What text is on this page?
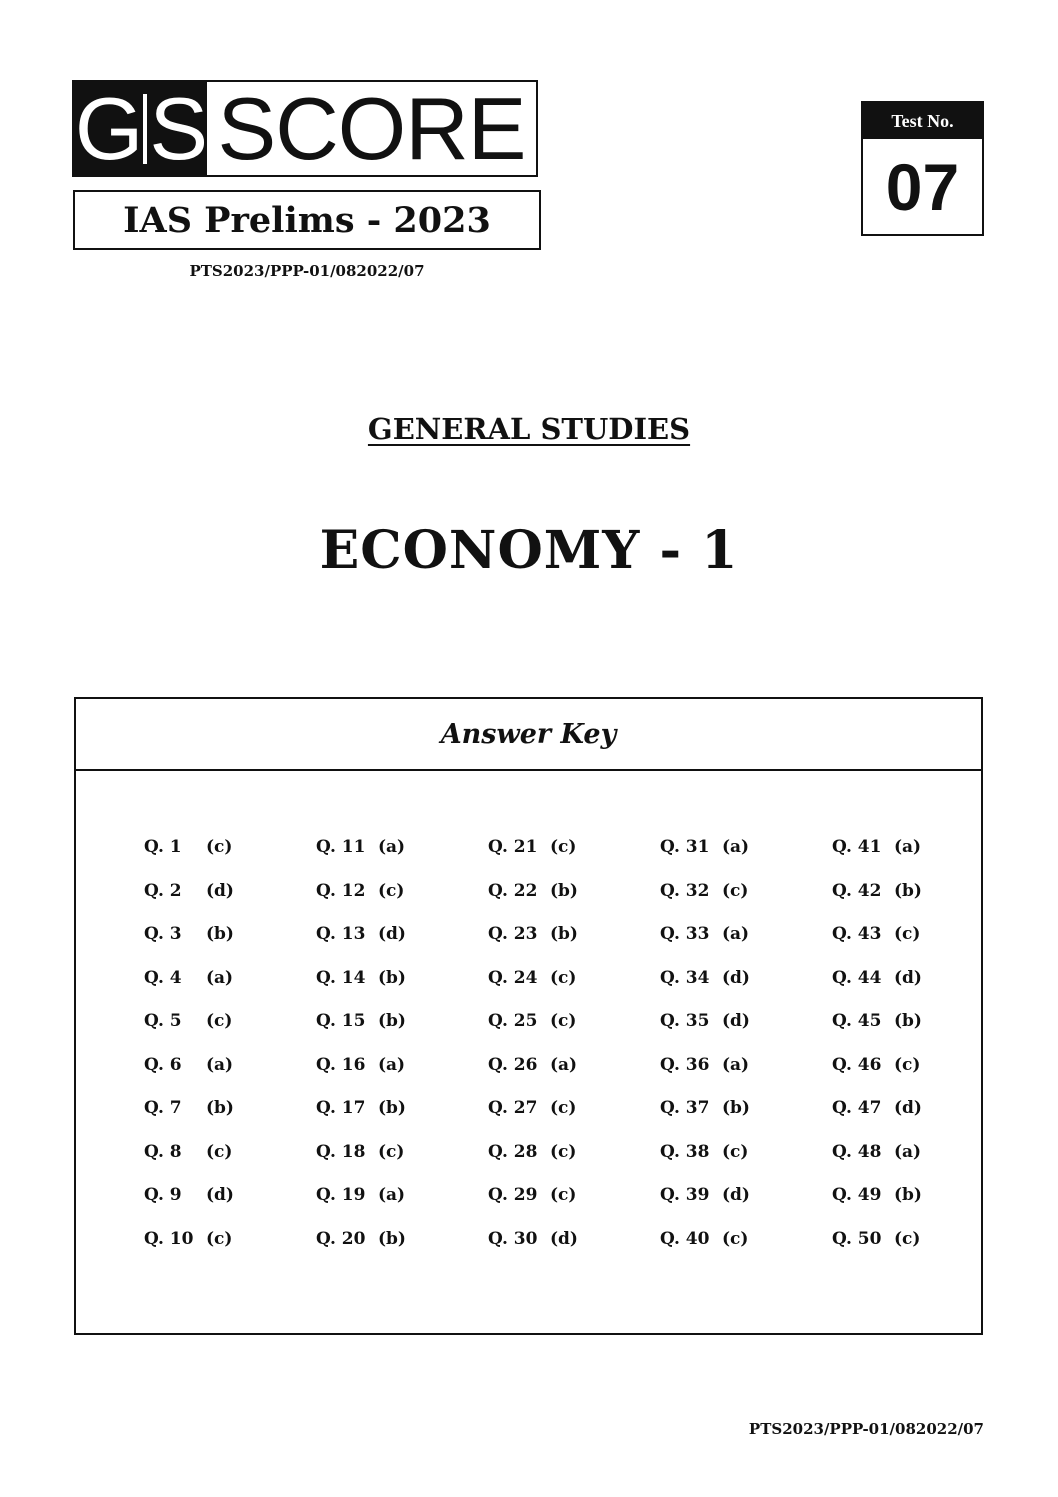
G S SCORE
IAS Prelims - 2023
PTS2023/PPP-01/082022/07
Test No.
07
GENERAL STUDIES
ECONOMY - 1
Answer Key
Q. 1	(c)
Q. 2	(d)
Q. 3	(b)
Q. 4	(a)
Q. 5	(c)
Q. 6	(a)
Q. 7	(b)
Q. 8	(c)
Q. 9	(d)
Q. 10 (c)
Q. 11 (a)
Q. 12 (c)
Q. 13 (d)
Q. 14 (b)
Q. 15 (b)
Q. 16 (a)
Q. 17 (b)
Q. 18 (c)
Q. 19 (a)
Q. 20 (b)
Q. 21 (c)
Q. 22 (b)
Q. 23 (b)
Q. 24 (c)
Q. 25 (c)
Q. 26 (a)
Q. 27 (c)
Q. 28 (c)
Q. 29 (c)
Q. 30 (d)
Q. 31 (a)
Q. 32 (c)
Q. 33 (a)
Q. 34 (d)
Q. 35 (d)
Q. 36 (a)
Q. 37 (b)
Q. 38 (c)
Q. 39 (d)
Q. 40 (c)
Q. 41 (a)
Q. 42 (b)
Q. 43 (c)
Q. 44 (d)
Q. 45 (b)
Q. 46 (c)
Q. 47 (d)
Q. 48 (a)
Q. 49 (b)
Q. 50 (c)
PTS2023/PPP-01/082022/07
